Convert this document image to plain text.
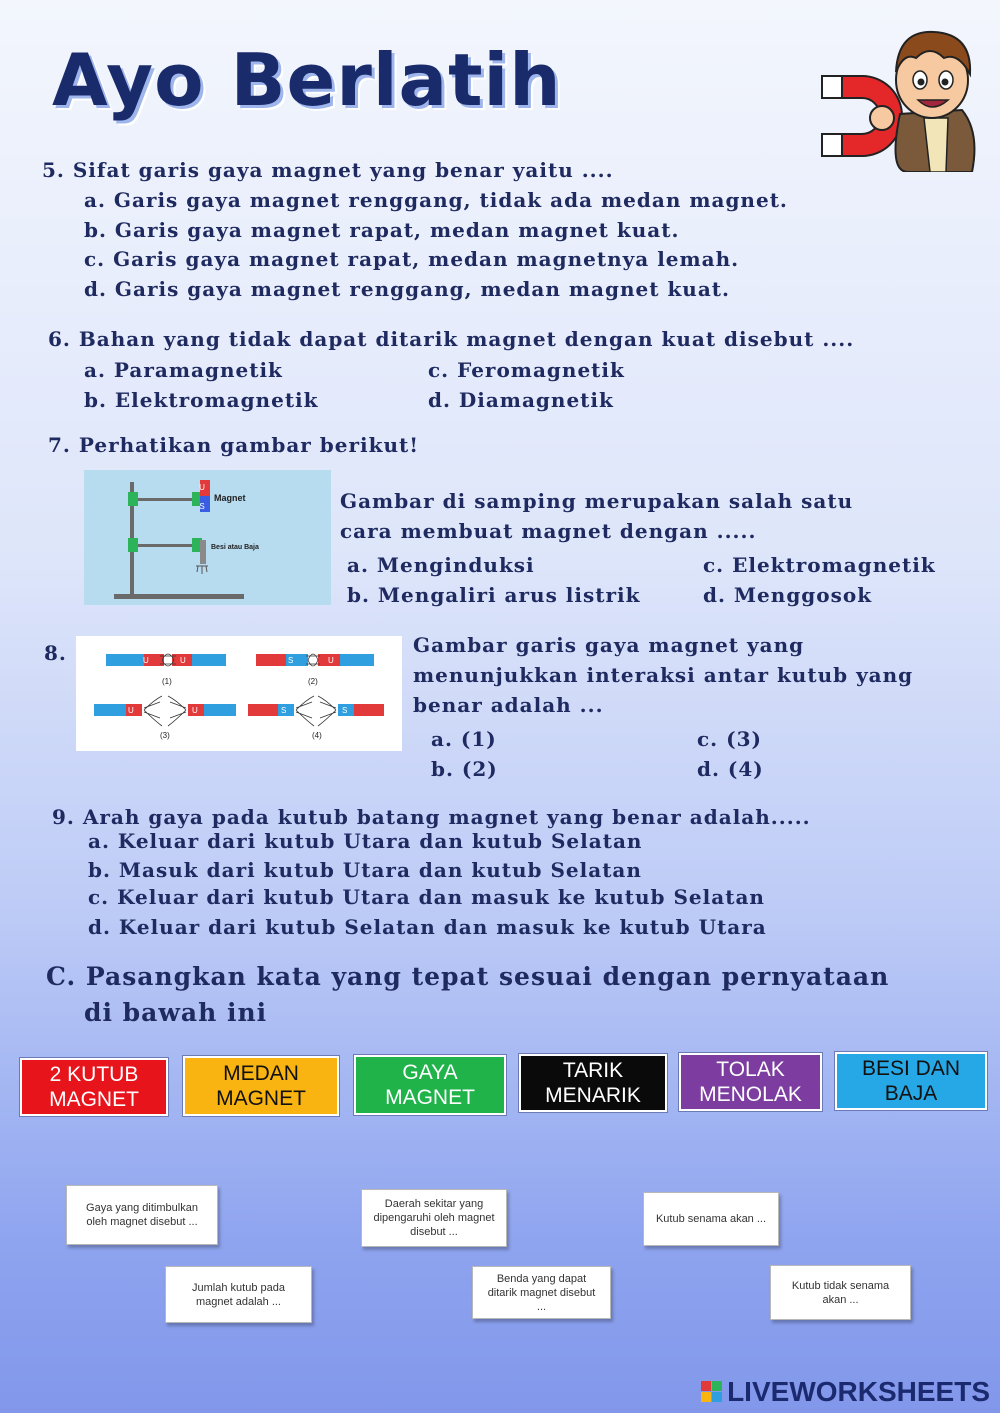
Ayo Berlatih
5. Sifat garis gaya magnet yang benar yaitu ....
a. Garis gaya magnet renggang, tidak ada medan magnet.
b. Garis gaya magnet rapat, medan magnet kuat.
c. Garis gaya magnet rapat, medan magnetnya lemah.
d. Garis gaya magnet renggang, medan magnet kuat.
6. Bahan yang tidak dapat ditarik magnet dengan kuat disebut ....
a. Paramagnetik	c. Feromagnetik
b. Elektromagnetik	d. Diamagnetik
7. Perhatikan gambar berikut!
U
S
Magnet
Besi atau Baja
Gambar di samping merupakan salah satu
cara membuat magnet dengan .....
a. Menginduksi	c. Elektromagnetik
b. Mengaliri arus listrik	d. Menggosok
8.	U	U
(1)
S	U
(2)
U	U
(3)
S	S
(4)
Gambar garis gaya magnet yang
menunjukkan interaksi antar kutub yang
benar adalah ...
a. (1)	c. (3)
b. (2)	d. (4)
9. Arah gaya pada kutub batang magnet yang benar adalah.....
a. Keluar dari kutub Utara dan kutub Selatan
b. Masuk dari kutub Utara dan kutub Selatan
c. Keluar dari kutub Utara dan masuk ke kutub Selatan
d. Keluar dari kutub Selatan dan masuk ke kutub Utara
C. Pasangkan kata yang tepat sesuai dengan pernyataan
di bawah ini
2 KUTUB
MAGNET
MEDAN
MAGNET
GAYA
MAGNET
TARIK
MENARIK
TOLAK
MENOLAK
BESI DAN
BAJA
Gaya yang ditimbulkan oleh magnet disebut ...
Daerah sekitar yang dipengaruhi oleh magnet disebut ...
Kutub senama akan ...
Jumlah kutub pada magnet adalah ...
Benda yang dapat ditarik magnet disebut ...
Kutub tidak senama akan ...
LIVEWORKSHEETS
